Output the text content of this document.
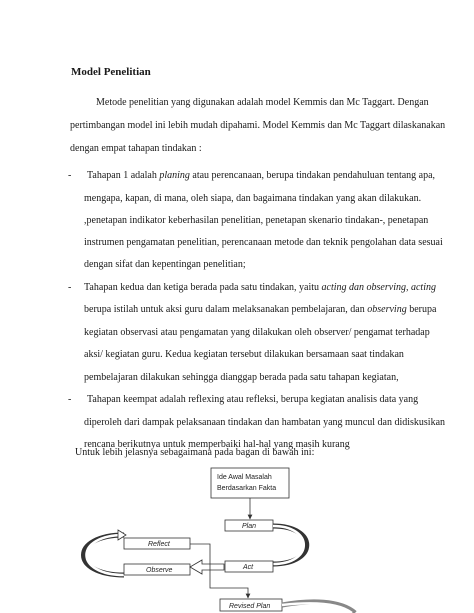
Model Penelitian

Metode penelitian yang digunakan adalah model Kemmis dan Mc Taggart. Dengan

pertimbangan model ini lebih mudah dipahami. Model Kemmis dan Mc Taggart dilaskanakan

dengan empat tahapan tindakan :

- Tahapan 1 adalah planing atau perencanaan, berupa tindakan pendahuluan tentang apa,

mengapa, kapan, di mana, oleh siapa, dan bagaimana tindakan yang akan dilakukan.

,penetapan indikator keberhasilan penelitian, penetapan skenario tindakan-, penetapan

instrumen pengamatan penelitian, perencanaan metode dan teknik pengolahan data sesuai

dengan sifat dan kepentingan penelitian;

- Tahapan kedua dan ketiga berada pada satu tindakan, yaitu acting dan observing, acting

berupa istilah untuk aksi guru dalam melaksanakan pembelajaran, dan observing berupa

kegiatan observasi atau pengamatan yang dilakukan oleh observer/ pengamat terhadap

aksi/ kegiatan guru. Kedua kegiatan tersebut dilakukan bersamaan saat tindakan

pembelajaran dilakukan sehingga dianggap berada pada satu tahapan kegiatan,

- Tahapan keempat adalah reflexing atau refleksi, berupa kegiatan analisis data yang

diperoleh dari dampak pelaksanaan tindakan dan hambatan yang muncul dan didiskusikan

rencana berikutnya untuk memperbaiki hal-hal yang masih kurang

Untuk lebih jelasnya sebagaimana pada bagan di bawah ini:

Ide Awal Masalah
Berdasarkan Fakta
Plan
Reflect
Observe	Act
Revised Plan
